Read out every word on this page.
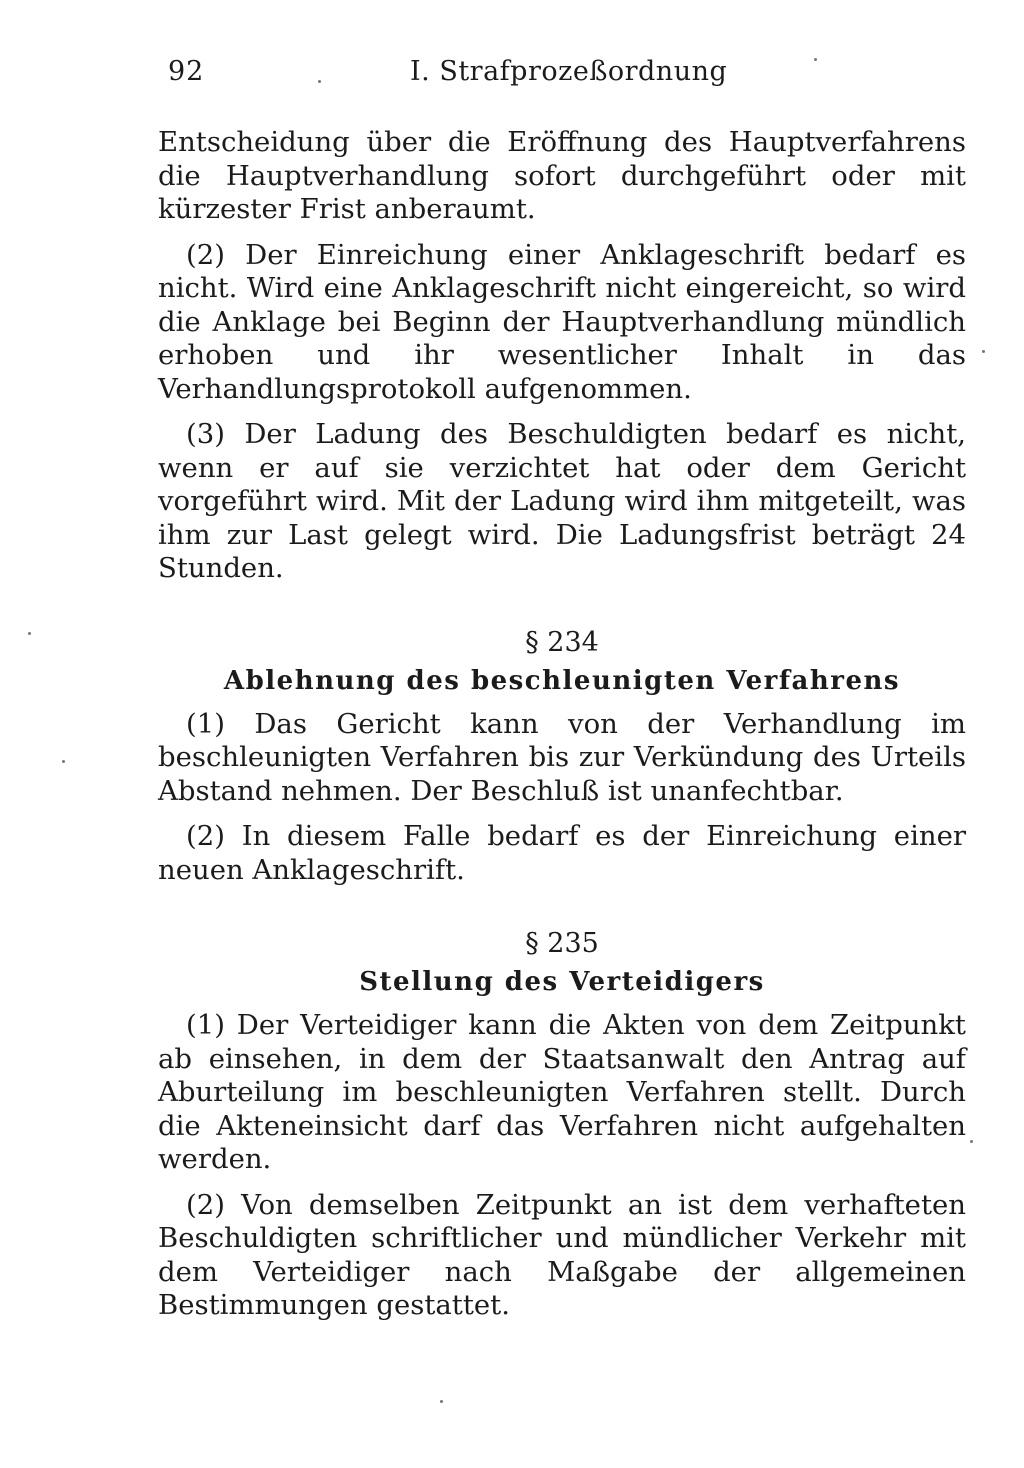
92	I. Strafprozeßordnung

Entscheidung über die Eröffnung des Hauptverfahrens die Hauptverhandlung sofort durchgeführt oder mit kürzester Frist anberaumt.

(2) Der Einreichung einer Anklageschrift bedarf es nicht. Wird eine Anklageschrift nicht eingereicht, so wird die Anklage bei Beginn der Hauptverhandlung mündlich erhoben und ihr wesentlicher Inhalt in das Verhandlungsprotokoll aufgenommen.

(3) Der Ladung des Beschuldigten bedarf es nicht, wenn er auf sie verzichtet hat oder dem Gericht vorgeführt wird. Mit der Ladung wird ihm mitgeteilt, was ihm zur Last gelegt wird. Die Ladungsfrist beträgt 24 Stunden.

§ 234
Ablehnung des beschleunigten Verfahrens

(1) Das Gericht kann von der Verhandlung im beschleunigten Verfahren bis zur Verkündung des Urteils Abstand nehmen. Der Beschluß ist unanfechtbar.

(2) In diesem Falle bedarf es der Einreichung einer neuen Anklageschrift.

§ 235
Stellung des Verteidigers

(1) Der Verteidiger kann die Akten von dem Zeitpunkt ab einsehen, in dem der Staatsanwalt den Antrag auf Aburteilung im beschleunigten Verfahren stellt. Durch die Akteneinsicht darf das Verfahren nicht aufgehalten werden.

(2) Von demselben Zeitpunkt an ist dem verhafteten Beschuldigten schriftlicher und mündlicher Verkehr mit dem Verteidiger nach Maßgabe der allgemeinen Bestimmungen gestattet.
